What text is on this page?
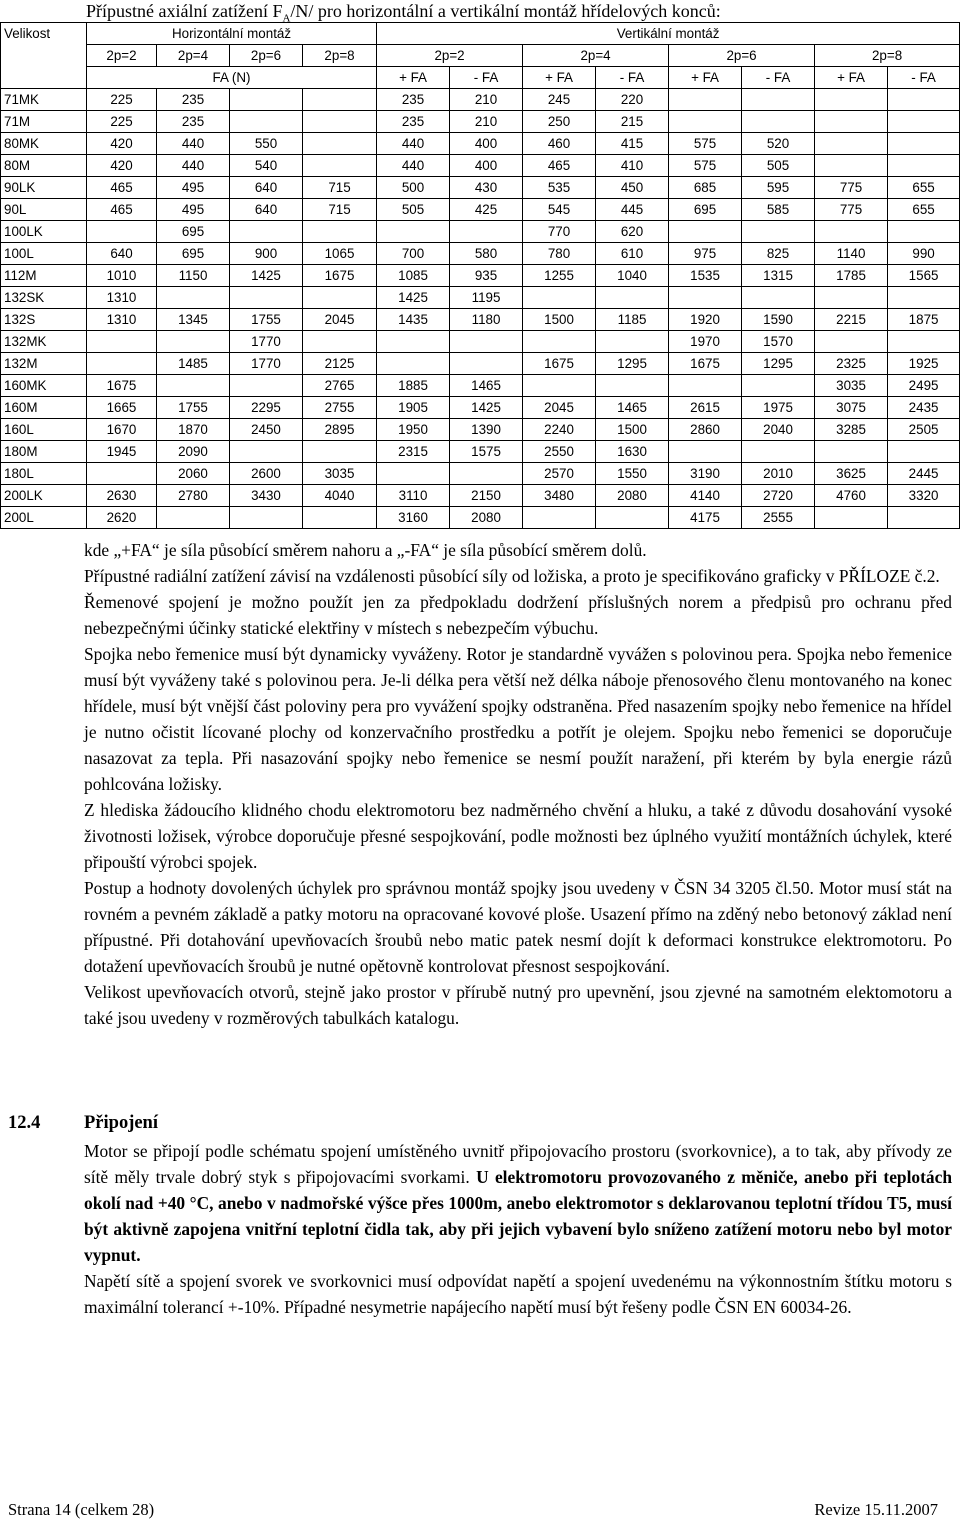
Přípustné axiální zatížení $F_A/N/$ pro horizontální a vertikální montáž hřídelových konců:
Velikost	Horizontální montáž				Vertikální montáž							
	2p=2	2p=4	2p=6	2p=8	2p=2		2p=4		2p=6		2p=8	
	FA (N)				+ FA	- FA	+ FA	- FA	+ FA	- FA	+ FA	- FA
71MK	225	235			235	210	245	220				
71M	225	235			235	210	250	215				
80MK	420	440	550		440	400	460	415	575	520		
80M	420	440	540		440	400	465	410	575	505		
90LK	465	495	640	715	500	430	535	450	685	595	775	655
90L	465	495	640	715	505	425	545	445	695	585	775	655
100LK		695					770	620				
100L	640	695	900	1065	700	580	780	610	975	825	1140	990
112M	1010	1150	1425	1675	1085	935	1255	1040	1535	1315	1785	1565
132SK	1310				1425	1195						
132S	1310	1345	1755	2045	1435	1180	1500	1185	1920	1590	2215	1875
132MK			1770						1970	1570		
132M		1485	1770	2125			1675	1295	1675	1295	2325	1925
160MK	1675			2765	1885	1465					3035	2495
160M	1665	1755	2295	2755	1905	1425	2045	1465	2615	1975	3075	2435
160L	1670	1870	2450	2895	1950	1390	2240	1500	2860	2040	3285	2505
180M	1945	2090			2315	1575	2550	1630				
180L		2060	2600	3035			2570	1550	3190	2010	3625	2445
200LK	2630	2780	3430	4040	3110	2150	3480	2080	4140	2720	4760	3320
200L	2620				3160	2080			4175	2555		

kde „+FA“ je síla působící směrem nahoru a „-FA“ je síla působící směrem dolů.

Přípustné radiální zatížení závisí na vzdálenosti působící síly od ložiska, a proto je specifikováno graficky v PŘÍLOZE č.2.

Řemenové spojení je možno použít jen za předpokladu dodržení příslušných norem a předpisů pro ochranu před nebezpečnými účinky statické elektřiny v místech s nebezpečím výbuchu.

Spojka nebo řemenice musí být dynamicky vyváženy. Rotor je standardně vyvážen s polovinou pera. Spojka nebo řemenice musí být vyváženy také s polovinou pera. Je-li délka pera větší než délka náboje přenosového členu montovaného na konec hřídele, musí být vnější část poloviny pera pro vyvážení spojky odstraněna. Před nasazením spojky nebo řemenice na hřídel je nutno očistit lícované plochy od konzervačního prostředku a potřít je olejem. Spojku nebo řemenici se doporučuje nasazovat za tepla. Při nasazování spojky nebo řemenice se nesmí použít naražení, při kterém by byla energie rázů pohlcována ložisky.

Z hlediska žádoucího klidného chodu elektromotoru bez nadměrného chvění a hluku, a také z důvodu dosahování vysoké životnosti ložisek, výrobce doporučuje přesné sespojkování, podle možnosti bez úplného využití montážních úchylek, které připouští výrobci spojek.

Postup a hodnoty dovolených úchylek pro správnou montáž spojky jsou uvedeny v ČSN 34 3205 čl.50. Motor musí stát na rovném a pevném základě a patky motoru na opracované kovové ploše. Usazení přímo na zděný nebo betonový základ není přípustné. Při dotahování upevňovacích šroubů nebo matic patek nesmí dojít k deformaci konstrukce elektromotoru. Po dotažení upevňovacích šroubů je nutné opětovně kontrolovat přesnost sespojkování.

Velikost upevňovacích otvorů, stejně jako prostor v přírubě nutný pro upevnění, jsou zjevné na samotném elektomotoru a také jsou uvedeny v rozměrových tabulkách katalogu.

12.4 Připojení

Motor se připojí podle schématu spojení umístěného uvnitř připojovacího prostoru (svorkovnice), a to tak, aby přívody ze sítě měly trvale dobrý styk s připojovacími svorkami. U elektromotoru provozovaného z měniče, anebo při teplotách okolí nad +40 °C, anebo v nadmořské výšce přes 1000m, anebo elektromotor s deklarovanou teplotní třídou T5, musí být aktivně zapojena vnitřní teplotní čidla tak, aby při jejich vybavení bylo sníženo zatížení motoru nebo byl motor vypnut.

Napětí sítě a spojení svorek ve svorkovnici musí odpovídat napětí a spojení uvedenému na výkonnostním štítku motoru s maximální tolerancí +-10%. Případné nesymetrie napájecího napětí musí být řešeny podle ČSN EN 60034-26.

Strana 14 (celkem 28)	Revize 15.11.2007
